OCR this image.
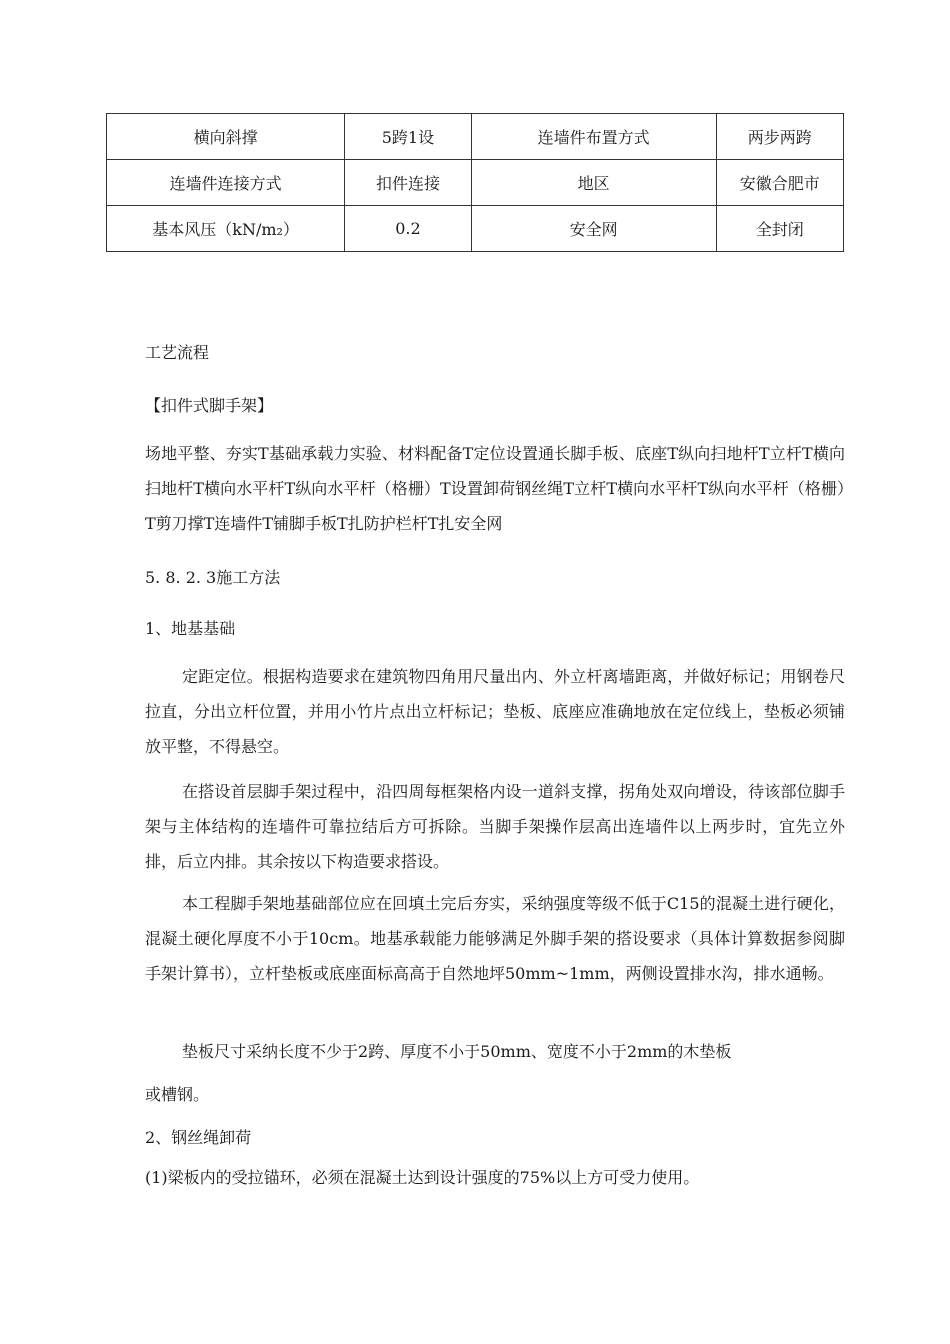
横向斜撑	5跨1设	连墙件布置方式	两步两跨
连墙件连接方式	扣件连接	地区	安徽合肥市
基本风压（kN/m₂）	0.2	安全网	全封闭
工艺流程
【扣件式脚手架】
场地平整、夯实T基础承载力实验、材料配备T定位设置通长脚手板、底座T纵向扫地杆T立杆T横向扫地杆T横向水平杆T纵向水平杆（格栅）T设置卸荷钢丝绳T立杆T横向水平杆T纵向水平杆（格栅）T剪刀撑T连墙件T铺脚手板T扎防护栏杆T扎安全网
5. 8. 2. 3施工方法
1、地基基础
定距定位。根据构造要求在建筑物四角用尺量出内、外立杆离墙距离，并做好标记；用钢卷尺拉直，分出立杆位置，并用小竹片点出立杆标记；垫板、底座应准确地放在定位线上，垫板必须铺放平整，不得悬空。
在搭设首层脚手架过程中，沿四周每框架格内设一道斜支撑，拐角处双向增设，待该部位脚手架与主体结构的连墙件可靠拉结后方可拆除。当脚手架操作层高出连墙件以上两步时，宜先立外排，后立内排。其余按以下构造要求搭设。
本工程脚手架地基础部位应在回填土完后夯实，采纳强度等级不低于C15的混凝土进行硬化，混凝土硬化厚度不小于10cm。地基承载能力能够满足外脚手架的搭设要求（具体计算数据参阅脚手架计算书），立杆垫板或底座面标高高于自然地坪50mm~1mm，两侧设置排水沟，排水通畅。
垫板尺寸采纳长度不少于2跨、厚度不小于50mm、宽度不小于2mm的木垫板
或槽钢。
2、钢丝绳卸荷
(1)梁板内的受拉锚环，必须在混凝土达到设计强度的75%以上方可受力使用。
